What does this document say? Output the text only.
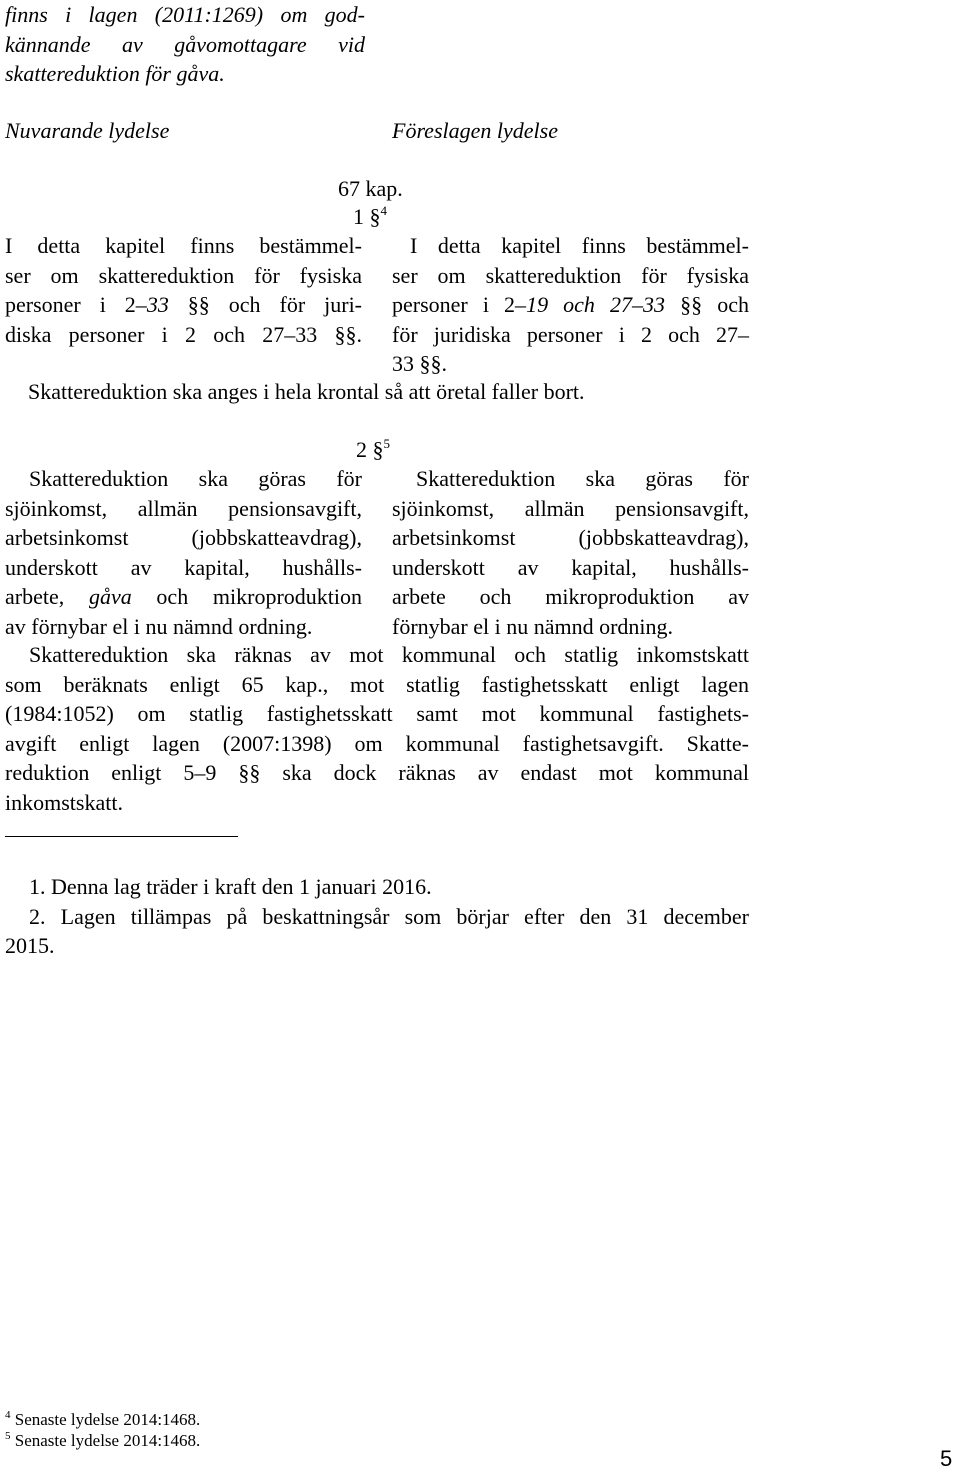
finns i lagen (2011:1269) om god-
kännande av gåvomottagare vid
skattereduktion för gåva.
Nuvarande lydelse	Föreslagen lydelse
67 kap.
1 §$^4$
I detta kapitel finns bestämmel-
ser om skattereduktion för fysiska
personer i 2–33 §§ och för juri-
diska personer i 2 och 27–33 §§.
I detta kapitel finns bestämmel-
ser om skattereduktion för fysiska
personer i 2–19 och 27–33 §§ och
för juridiska personer i 2 och 27–
33 §§.
Skattereduktion ska anges i hela krontal så att öretal faller bort.
2 §$^5$
Skattereduktion ska göras för
sjöinkomst, allmän pensionsavgift,
arbetsinkomst (jobbskatteavdrag),
underskott av kapital, hushålls-
arbete, gåva och mikroproduktion
av förnybar el i nu nämnd ordning.
Skattereduktion ska göras för
sjöinkomst, allmän pensionsavgift,
arbetsinkomst (jobbskatteavdrag),
underskott av kapital, hushålls-
arbete och mikroproduktion av
förnybar el i nu nämnd ordning.
Skattereduktion ska räknas av mot kommunal och statlig inkomstskatt
som beräknats enligt 65 kap., mot statlig fastighetsskatt enligt lagen
(1984:1052) om statlig fastighetsskatt samt mot kommunal fastighets-
avgift enligt lagen (2007:1398) om kommunal fastighetsavgift. Skatte-
reduktion enligt 5–9 §§ ska dock räknas av endast mot kommunal
inkomstskatt.
1. Denna lag träder i kraft den 1 januari 2016.
2. Lagen tillämpas på beskattningsår som börjar efter den 31 december
2015.
$^4$ Senaste lydelse 2014:1468.
$^5$ Senaste lydelse 2014:1468.
5
